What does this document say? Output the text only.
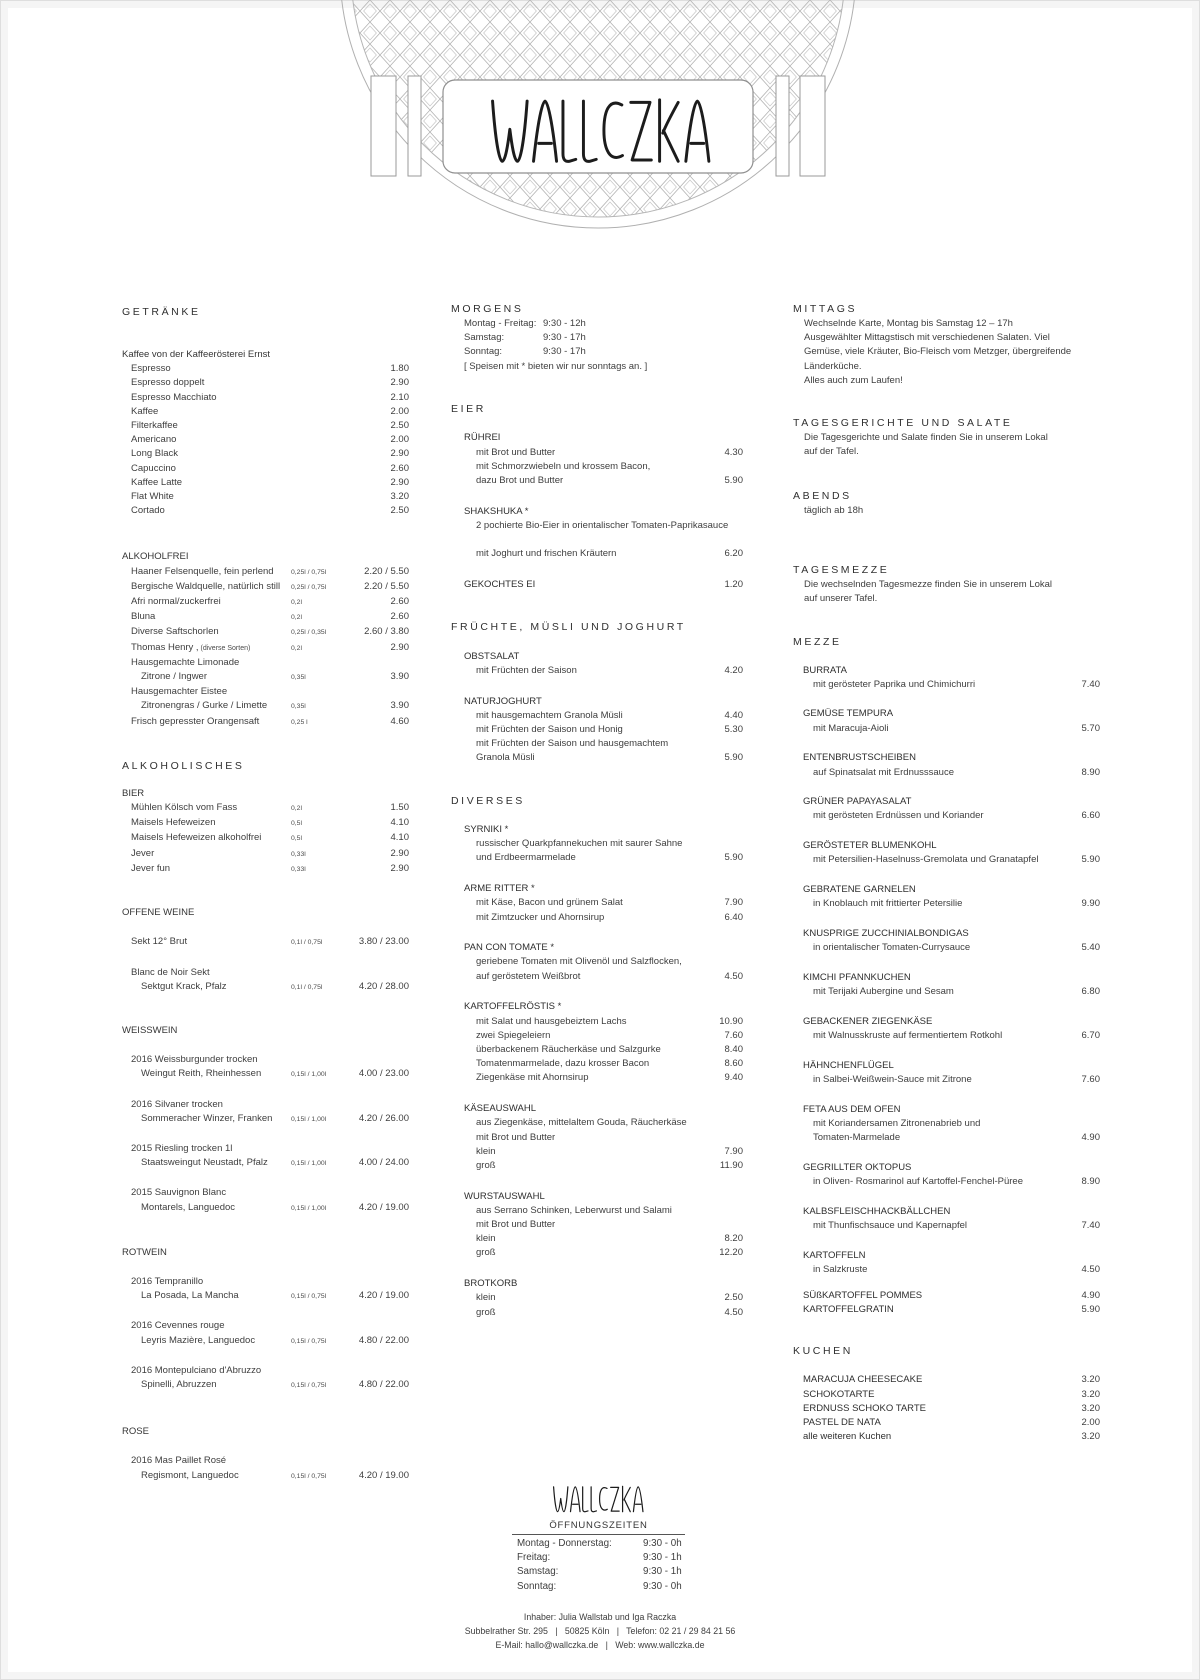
GETRÄNKE
Kaffee von der Kaffeerösterei Ernst
Espresso	1.80
Espresso doppelt	2.90
Espresso Macchiato	2.10
Kaffee	2.00
Filterkaffee	2.50
Americano	2.00
Long Black	2.90
Capuccino	2.60
Kaffee Latte	2.90
Flat White	3.20
Cortado	2.50
ALKOHOLFREI
Haaner Felsenquelle, fein perlend	0,25l / 0,75l	2.20 / 5.50
Bergische Waldquelle, natürlich still	0,25l / 0,75l	2.20 / 5.50
Afri normal/zuckerfrei	0,2l	2.60
Bluna	0,2l	2.60
Diverse Saftschorlen	0,25l / 0,35l	2.60 / 3.80
Thomas Henry , (diverse Sorten)	0,2l	2.90
Hausgemachte Limonade
Zitrone / Ingwer	0,35l	3.90
Hausgemachter Eistee
Zitronengras / Gurke / Limette	0,35l	3.90
Frisch gepresster Orangensaft	0,25 l	4.60
ALKOHOLISCHES
BIER
Mühlen Kölsch vom Fass	0,2l	1.50
Maisels Hefeweizen	0,5l	4.10
Maisels Hefeweizen alkoholfrei	0,5l	4.10
Jever	0,33l	2.90
Jever fun	0,33l	2.90
OFFENE WEINE
Sekt 12° Brut	0,1l / 0,75l	3.80 / 23.00
Blanc de Noir Sekt
Sektgut Krack, Pfalz	0,1l / 0,75l	4.20 / 28.00
WEISSWEIN
2016 Weissburgunder trocken
Weingut Reith, Rheinhessen	0,15l / 1,00l	4.00 / 23.00
2016 Silvaner trocken
Sommeracher Winzer, Franken	0,15l / 1,00l	4.20 / 26.00
2015 Riesling trocken 1l
Staatsweingut Neustadt, Pfalz	0,15l / 1,00l	4.00 / 24.00
2015 Sauvignon Blanc
Montarels, Languedoc	0,15l / 1,00l	4.20 / 19.00
ROTWEIN
2016 Tempranillo
La Posada, La Mancha	0,15l / 0,75l	4.20 / 19.00
2016 Cevennes rouge
Leyris Mazière, Languedoc	0,15l / 0,75l	4.80 / 22.00
2016 Montepulciano d'Abruzzo
Spinelli, Abruzzen	0,15l / 0,75l	4.80 / 22.00
ROSE
2016 Mas Paillet Rosé
Regismont, Languedoc	0,15l / 0,75l	4.20 / 19.00
MORGENS
Montag - Freitag: 9:30 - 12h
Samstag:	9:30 - 17h
Sonntag:	9:30 - 17h
[ Speisen mit * bieten wir nur sonntags an. ]
EIER
RÜHREI
mit Brot und Butter	4.30
mit Schmorzwiebeln und krossem Bacon,
dazu Brot und Butter	5.90
SHAKSHUKA *
2 pochierte Bio-Eier in orientalischer Tomaten-Paprikasauce
mit Joghurt und frischen Kräutern	6.20
GEKOCHTES EI	1.20
FRÜCHTE, MÜSLI UND JOGHURT
OBSTSALAT
mit Früchten der Saison	4.20
NATURJOGHURT
mit hausgemachtem Granola Müsli	4.40
mit Früchten der Saison und Honig	5.30
mit Früchten der Saison und hausgemachtem
Granola Müsli	5.90
DIVERSES
SYRNIKI *
russischer Quarkpfannekuchen mit saurer Sahne
und Erdbeermarmelade	5.90
ARME RITTER *
mit Käse, Bacon und grünem Salat	7.90
mit Zimtzucker und Ahornsirup	6.40
PAN CON TOMATE *
geriebene Tomaten mit Olivenöl und Salzflocken,
auf geröstetem Weißbrot	4.50
KARTOFFELRÖSTIS *
mit Salat und hausgebeiztem Lachs	10.90
zwei Spiegeleiern	7.60
überbackenem Räucherkäse und Salzgurke	8.40
Tomatenmarmelade, dazu krosser Bacon	8.60
Ziegenkäse mit Ahornsirup	9.40
KÄSEAUSWAHL
aus Ziegenkäse, mittelaltem Gouda, Räucherkäse
mit Brot und Butter
klein	7.90
groß	11.90
WURSTAUSWAHL
aus Serrano Schinken, Leberwurst und Salami
mit Brot und Butter
klein	8.20
groß	12.20
BROTKORB
klein	2.50
groß	4.50
MITTAGS
Wechselnde Karte, Montag bis Samstag 12 – 17h
Ausgewählter Mittagstisch mit verschiedenen Salaten. Viel
Gemüse, viele Kräuter, Bio-Fleisch vom Metzger, übergreifende
Länderküche.
Alles auch zum Laufen!
TAGESGERICHTE UND SALATE
Die Tagesgerichte und Salate finden Sie in unserem Lokal
auf der Tafel.
ABENDS
täglich ab 18h
TAGESMEZZE
Die wechselnden Tagesmezze finden Sie in unserem Lokal
auf unserer Tafel.
MEZZE
BURRATA
mit gerösteter Paprika und Chimichurri	7.40
GEMÜSE TEMPURA
mit Maracuja-Aioli	5.70
ENTENBRUSTSCHEIBEN
auf Spinatsalat mit Erdnusssauce	8.90
GRÜNER PAPAYASALAT
mit gerösteten Erdnüssen und Koriander	6.60
GERÖSTETER BLUMENKOHL
mit Petersilien-Haselnuss-Gremolata und Granatapfel	5.90
GEBRATENE GARNELEN
in Knoblauch mit frittierter Petersilie	9.90
KNUSPRIGE ZUCCHINIALBONDIGAS
in orientalischer Tomaten-Currysauce	5.40
KIMCHI PFANNKUCHEN
mit Terijaki Aubergine und Sesam	6.80
GEBACKENER ZIEGENKÄSE
mit Walnusskruste auf fermentiertem Rotkohl	6.70
HÄHNCHENFLÜGEL
in Salbei-Weißwein-Sauce mit Zitrone	7.60
FETA AUS DEM OFEN
mit Koriandersamen Zitronenabrieb und
Tomaten-Marmelade	4.90
GEGRILLTER OKTOPUS
in Oliven- Rosmarinol auf Kartoffel-Fenchel-Püree	8.90
KALBSFLEISCHHACKBÄLLCHEN
mit Thunfischsauce und Kapernapfel	7.40
KARTOFFELN
in Salzkruste	4.50
SÜßKARTOFFEL POMMES	4.90
KARTOFFELGRATIN	5.90
KUCHEN
MARACUJA CHEESECAKE	3.20
SCHOKOTARTE	3.20
ERDNUSS SCHOKO TARTE	3.20
PASTEL DE NATA	2.00
alle weiteren Kuchen	3.20
ÖFFNUNGSZEITEN
Montag - Donnerstag:	9:30 - 0h
Freitag:	9:30 - 1h
Samstag:	9:30 - 1h
Sonntag:	9:30 - 0h
Inhaber: Julia Wallstab und Iga Raczka
Subbelrather Str. 295   |   50825 Köln   |   Telefon: 02 21 / 29 84 21 56
E-Mail: hallo@wallczka.de   |   Web: www.wallczka.de
